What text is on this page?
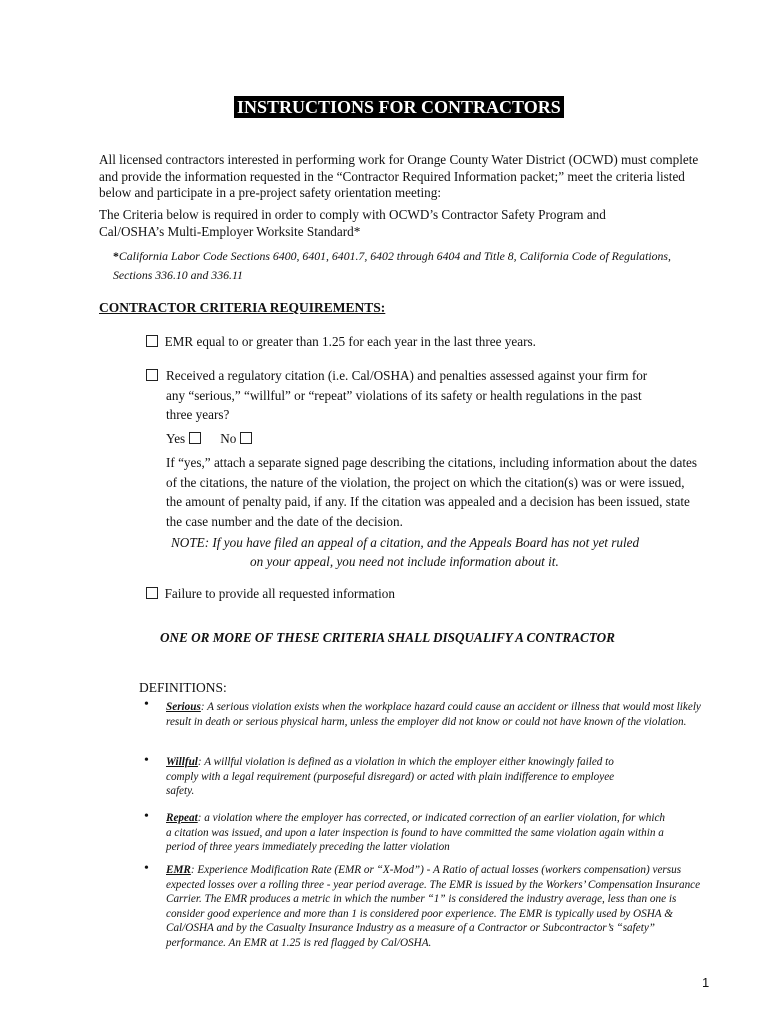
INSTRUCTIONS FOR CONTRACTORS
All licensed contractors interested in performing work for Orange County Water District (OCWD) must complete and provide the information requested in the “Contractor Required Information packet;” meet the criteria listed below and participate in a pre-project safety orientation meeting:
The Criteria below is required in order to comply with OCWD’s Contractor Safety Program and Cal/OSHA’s Multi-Employer Worksite Standard*
*California Labor Code Sections 6400, 6401, 6401.7, 6402 through 6404 and Title 8, California Code of Regulations, Sections 336.10 and 336.11
CONTRACTOR CRITERIA REQUIREMENTS:
EMR equal to or greater than 1.25 for each year in the last three years.
Received a regulatory citation (i.e. Cal/OSHA) and penalties assessed against your firm for any “serious,” “willful” or “repeat” violations of its safety or health regulations in the past three years?
Yes	No
If “yes,” attach a separate signed page describing the citations, including information about the dates of the citations, the nature of the violation, the project on which the citation(s) was or were issued, the amount of penalty paid, if any. If the citation was appealed and a decision has been issued, state the case number and the date of the decision.
NOTE: If you have filed an appeal of a citation, and the Appeals Board has not yet ruled
on your appeal, you need not include information about it.
Failure to provide all requested information
ONE OR MORE OF THESE CRITERIA SHALL DISQUALIFY A CONTRACTOR
DEFINITIONS:
• Serious: A serious violation exists when the workplace hazard could cause an accident or illness that would most likely result in death or serious physical harm, unless the employer did not know or could not have known of the violation.
• Willful: A willful violation is defined as a violation in which the employer either knowingly failed to comply with a legal requirement (purposeful disregard) or acted with plain indifference to employee safety.
• Repeat: a violation where the employer has corrected, or indicated correction of an earlier violation, for which a citation was issued, and upon a later inspection is found to have committed the same violation again within a period of three years immediately preceding the latter violation
• EMR: Experience Modification Rate (EMR or “X-Mod”) - A Ratio of actual losses (workers compensation) versus expected losses over a rolling three - year period average. The EMR is issued by the Workers’ Compensation Insurance Carrier. The EMR produces a metric in which the number “1” is considered the industry average, less than one is consider good experience and more than 1 is considered poor experience. The EMR is typically used by OSHA & Cal/OSHA and by the Casualty Insurance Industry as a measure of a Contractor or Subcontractor’s “safety” performance. An EMR at 1.25 is red flagged by Cal/OSHA.
1
